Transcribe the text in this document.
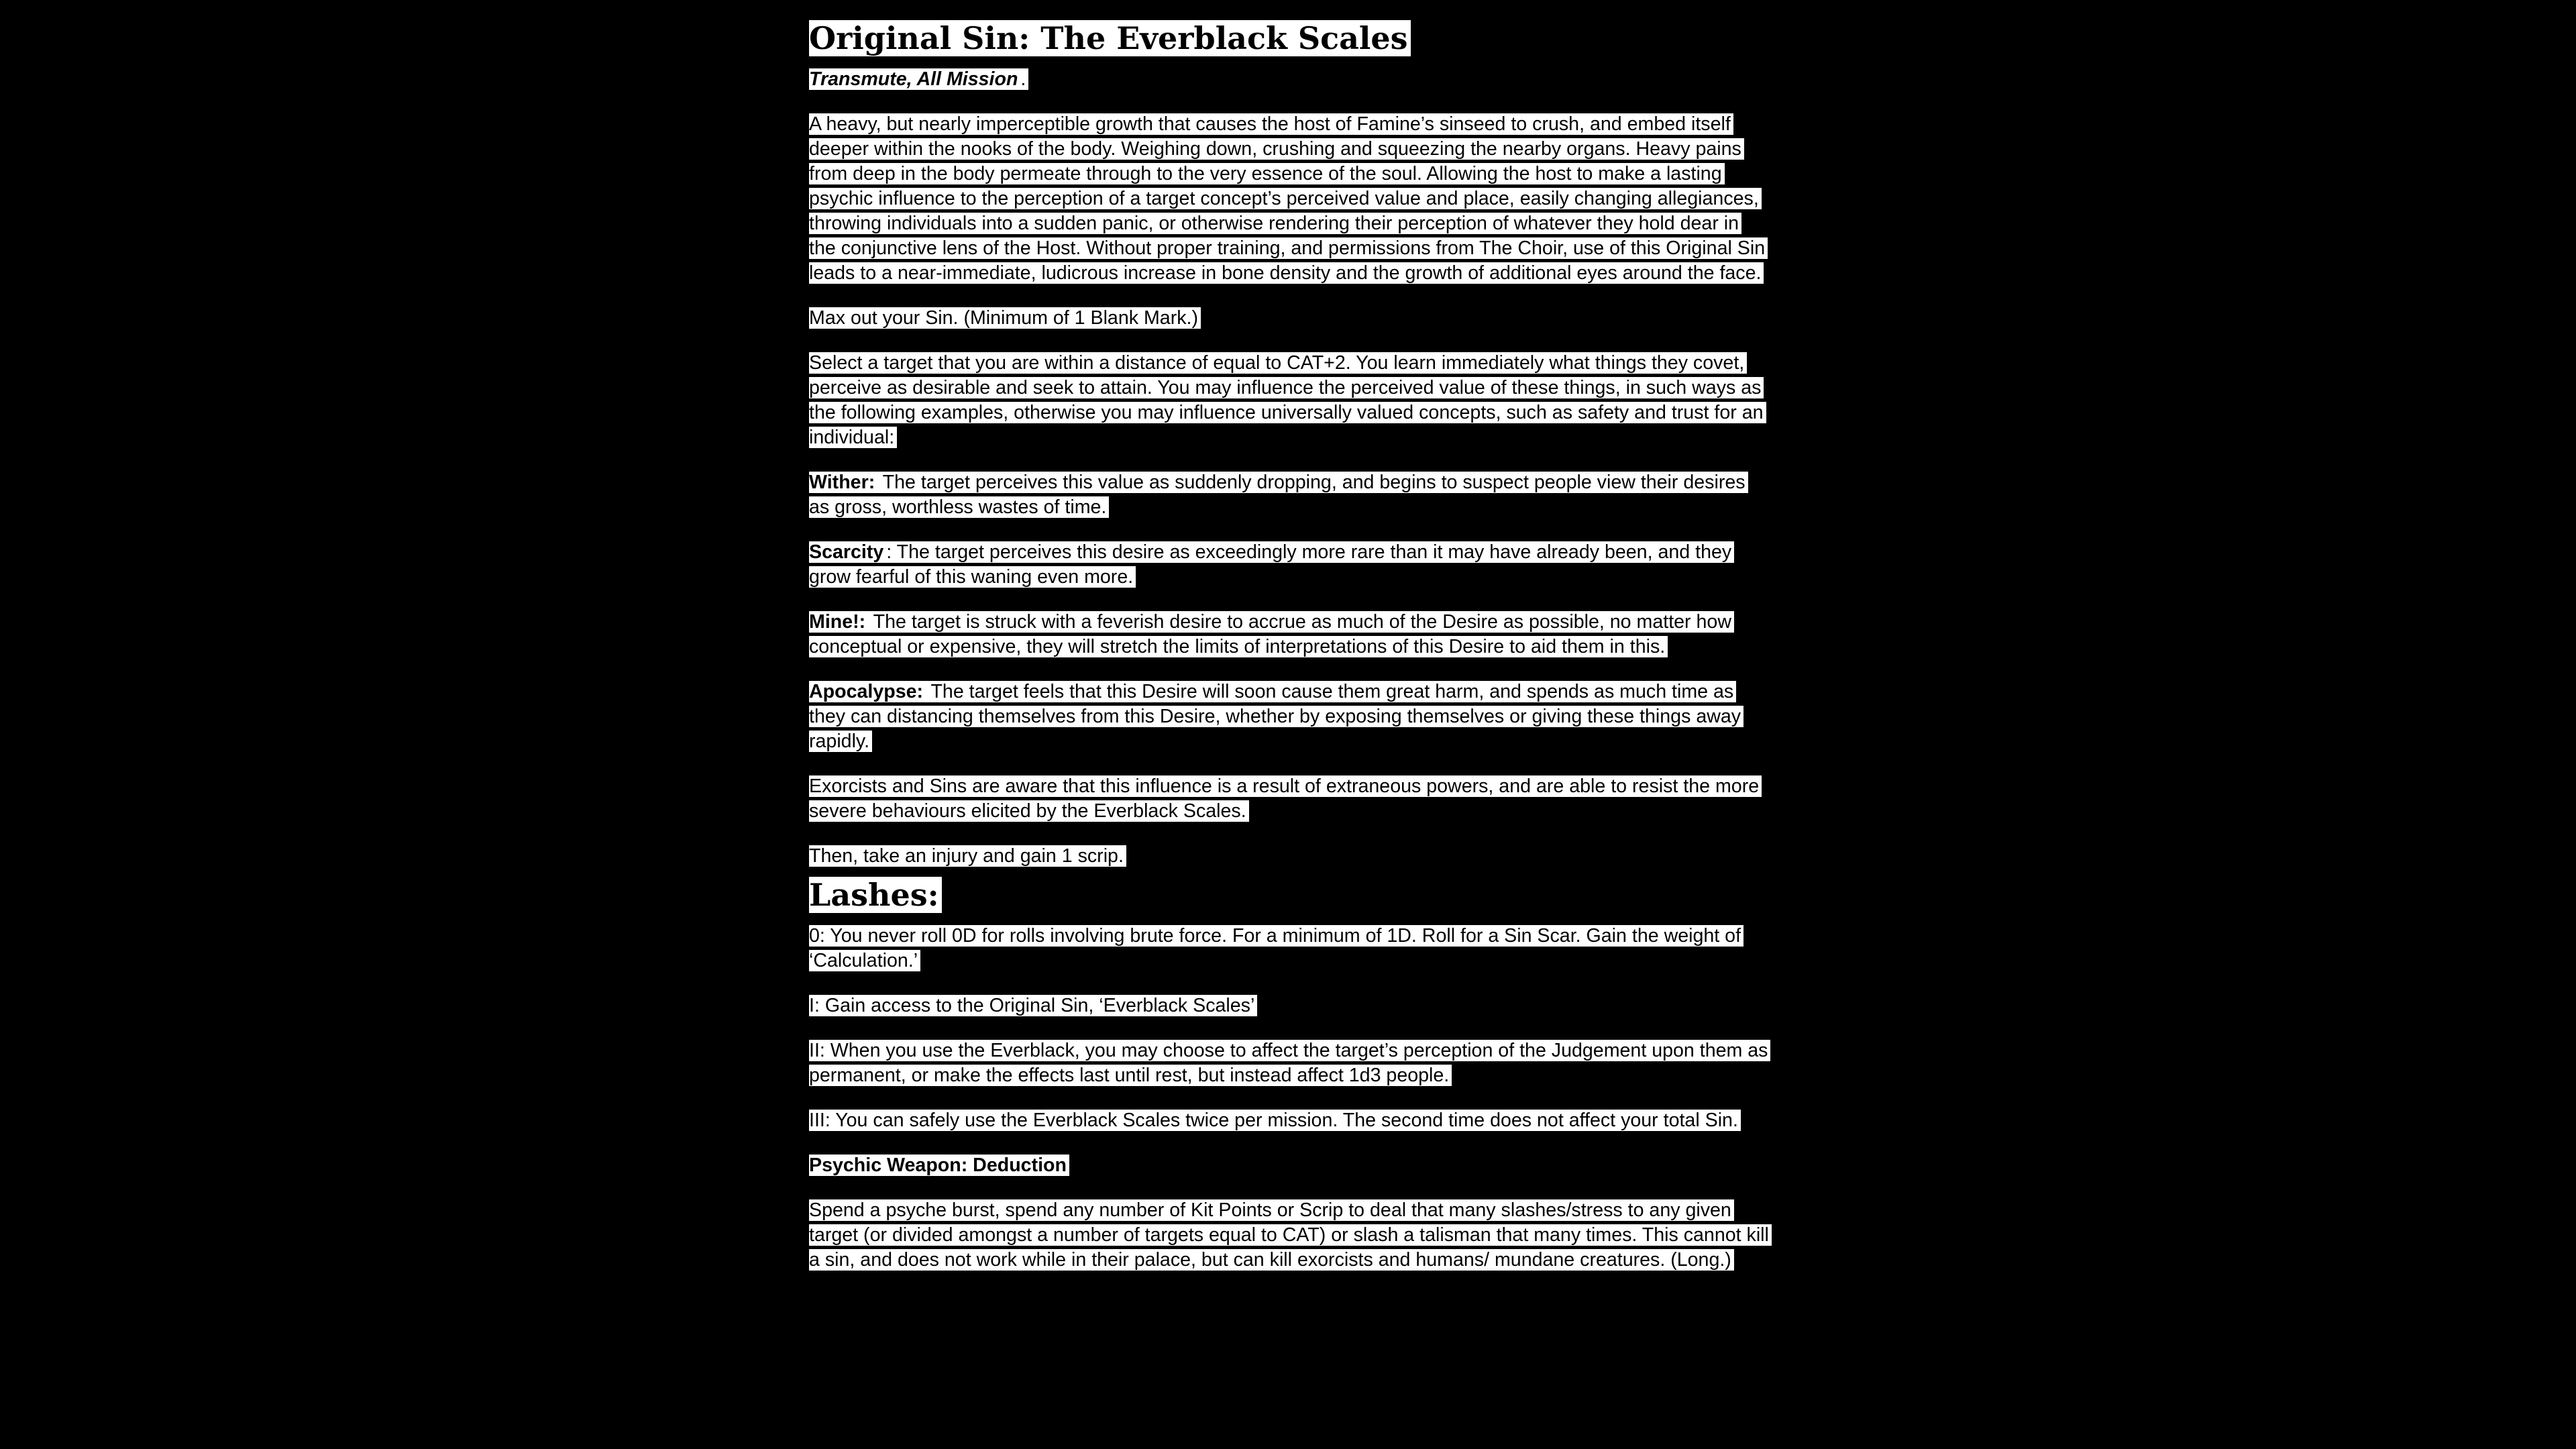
Original Sin: The Everblack Scales

Transmute, All Mission .

A heavy, but nearly imperceptible growth that causes the host of Famine’s sinseed to crush, and embed itself deeper within the nooks of the body. Weighing down, crushing and squeezing the nearby organs. Heavy pains from deep in the body permeate through to the very essence of the soul. Allowing the host to make a lasting psychic influence to the perception of a target concept’s perceived value and place, easily changing allegiances, throwing individuals into a sudden panic, or otherwise rendering their perception of whatever they hold dear in the conjunctive lens of the Host. Without proper training, and permissions from The Choir, use of this Original Sin leads to a near-immediate, ludicrous increase in bone density and the growth of additional eyes around the face.

Max out your Sin. (Minimum of 1 Blank Mark.)

Select a target that you are within a distance of equal to CAT+2. You learn immediately what things they covet, perceive as desirable and seek to attain. You may influence the perceived value of these things, in such ways as the following examples, otherwise you may influence universally valued concepts, such as safety and trust for an individual:

Wither: The target perceives this value as suddenly dropping, and begins to suspect people view their desires as gross, worthless wastes of time.

Scarcity : The target perceives this desire as exceedingly more rare than it may have already been, and they grow fearful of this waning even more.

Mine!: The target is struck with a feverish desire to accrue as much of the Desire as possible, no matter how conceptual or expensive, they will stretch the limits of interpretations of this Desire to aid them in this.

Apocalypse: The target feels that this Desire will soon cause them great harm, and spends as much time as they can distancing themselves from this Desire, whether by exposing themselves or giving these things away rapidly.

Exorcists and Sins are aware that this influence is a result of extraneous powers, and are able to resist the more severe behaviours elicited by the Everblack Scales.

Then, take an injury and gain 1 scrip.

Lashes:

0: You never roll 0D for rolls involving brute force. For a minimum of 1D. Roll for a Sin Scar. Gain the weight of ‘Calculation.’

I: Gain access to the Original Sin, ‘Everblack Scales’

II: When you use the Everblack, you may choose to affect the target’s perception of the Judgement upon them as permanent, or make the effects last until rest, but instead affect 1d3 people.

III: You can safely use the Everblack Scales twice per mission. The second time does not affect your total Sin.

Psychic Weapon: Deduction

Spend a psyche burst, spend any number of Kit Points or Scrip to deal that many slashes/stress to any given target (or divided amongst a number of targets equal to CAT) or slash a talisman that many times. This cannot kill a sin, and does not work while in their palace, but can kill exorcists and humans/ mundane creatures. (Long.)
